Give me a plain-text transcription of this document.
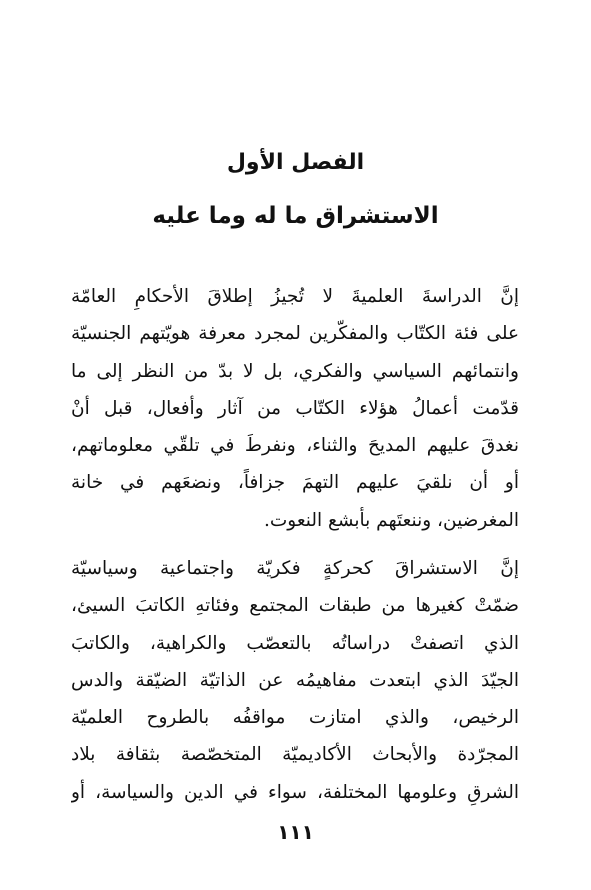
الفصل الأول
الاستشراق ما له وما عليه

إنَّ الدراسةَ العلميةَ لا تُجيزُ إطلاقَ الأحكامِ العامّة
على فئة الكتّاب والمفكّرين لمجرد معرفة هويّتهم الجنسيّة
وانتمائهم السياسي والفكري، بل لا بدّ من النظر إلى ما
قدّمت أعمالُ هؤلاء الكتّاب من آثار وأفعال، قبل أنْ
نغدقَ عليهم المديحَ والثناء، ونفرطَ في تلقّي معلوماتهم،
أو أن نلقيَ عليهم التهمَ جزافاً، ونضعَهم في خانة
المغرضين، وننعتَهم بأبشع النعوت.

إنَّ الاستشراقَ كحركةٍ فكريّة واجتماعية وسياسيّة
ضمّتْ كغيرها من طبقات المجتمع وفئاتهِ الكاتبَ السيئ،
الذي اتصفتْ دراساتُه بالتعصّب والكراهية، والكاتبَ
الجيّدَ الذي ابتعدت مفاهيمُه عن الذاتيّة الضيّقة والدس
الرخيص، والذي امتازت مواقفُه بالطروح العلميّة
المجرّدة والأبحاث الأكاديميّة المتخصّصة بثقافة بلاد
الشرقِ وعلومها المختلفة، سواء في الدين والسياسة، أو

١١١
